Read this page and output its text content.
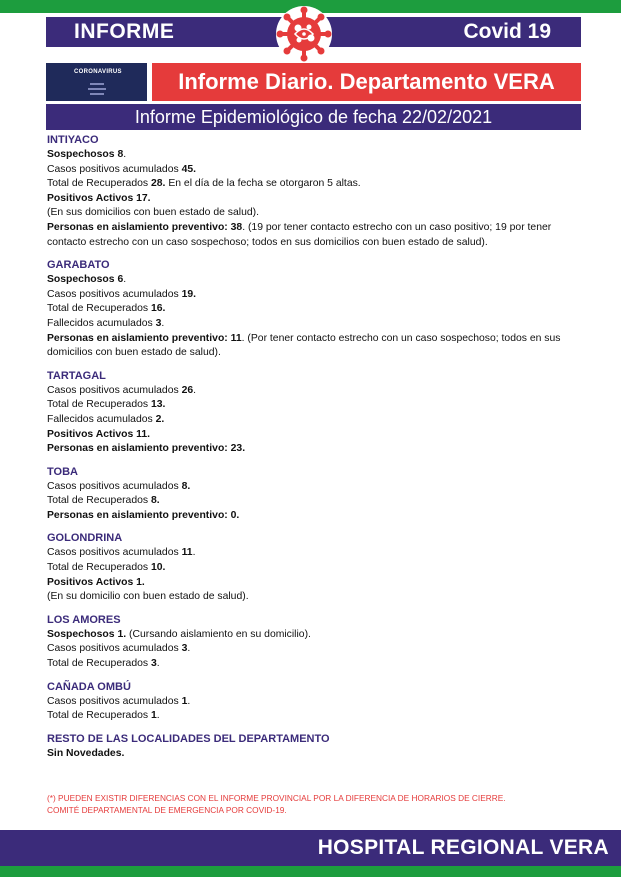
INFORME	Covid 19
CORONAVIRUS	Informe Diario. Departamento VERA
Informe Epidemiológico de fecha 22/02/2021
INTIYACO
Sospechosos 8.
Casos positivos acumulados 45.
Total de Recuperados 28. En el día de la fecha se otorgaron 5 altas.
Positivos Activos 17.
(En sus domicilios con buen estado de salud).
Personas en aislamiento preventivo: 38. (19 por tener contacto estrecho con un caso positivo; 19 por tener contacto estrecho con un caso sospechoso; todos en sus domicilios con buen estado de salud).
GARABATO
Sospechosos 6.
Casos positivos acumulados 19.
Total de Recuperados 16.
Fallecidos acumulados 3.
Personas en aislamiento preventivo: 11. (Por tener contacto estrecho con un caso sospechoso; todos en sus domicilios con buen estado de salud).
TARTAGAL
Casos positivos acumulados 26.
Total de Recuperados 13.
Fallecidos acumulados 2.
Positivos Activos 11.
Personas en aislamiento preventivo: 23.
TOBA
Casos positivos acumulados 8.
Total de Recuperados 8.
Personas en aislamiento preventivo: 0.
GOLONDRINA
Casos positivos acumulados 11.
Total de Recuperados 10.
Positivos Activos 1.
(En su domicilio con buen estado de salud).
LOS AMORES
Sospechosos 1. (Cursando aislamiento en su domicilio).
Casos positivos acumulados 3.
Total de Recuperados 3.
CAÑADA OMBÚ
Casos positivos acumulados 1.
Total de Recuperados 1.
RESTO DE LAS LOCALIDADES DEL DEPARTAMENTO
Sin Novedades.
(*) PUEDEN EXISTIR DIFERENCIAS CON EL INFORME PROVINCIAL POR LA DIFERENCIA DE HORARIOS DE CIERRE.
COMITÉ DEPARTAMENTAL DE EMERGENCIA POR COVID-19.
HOSPITAL REGIONAL VERA
